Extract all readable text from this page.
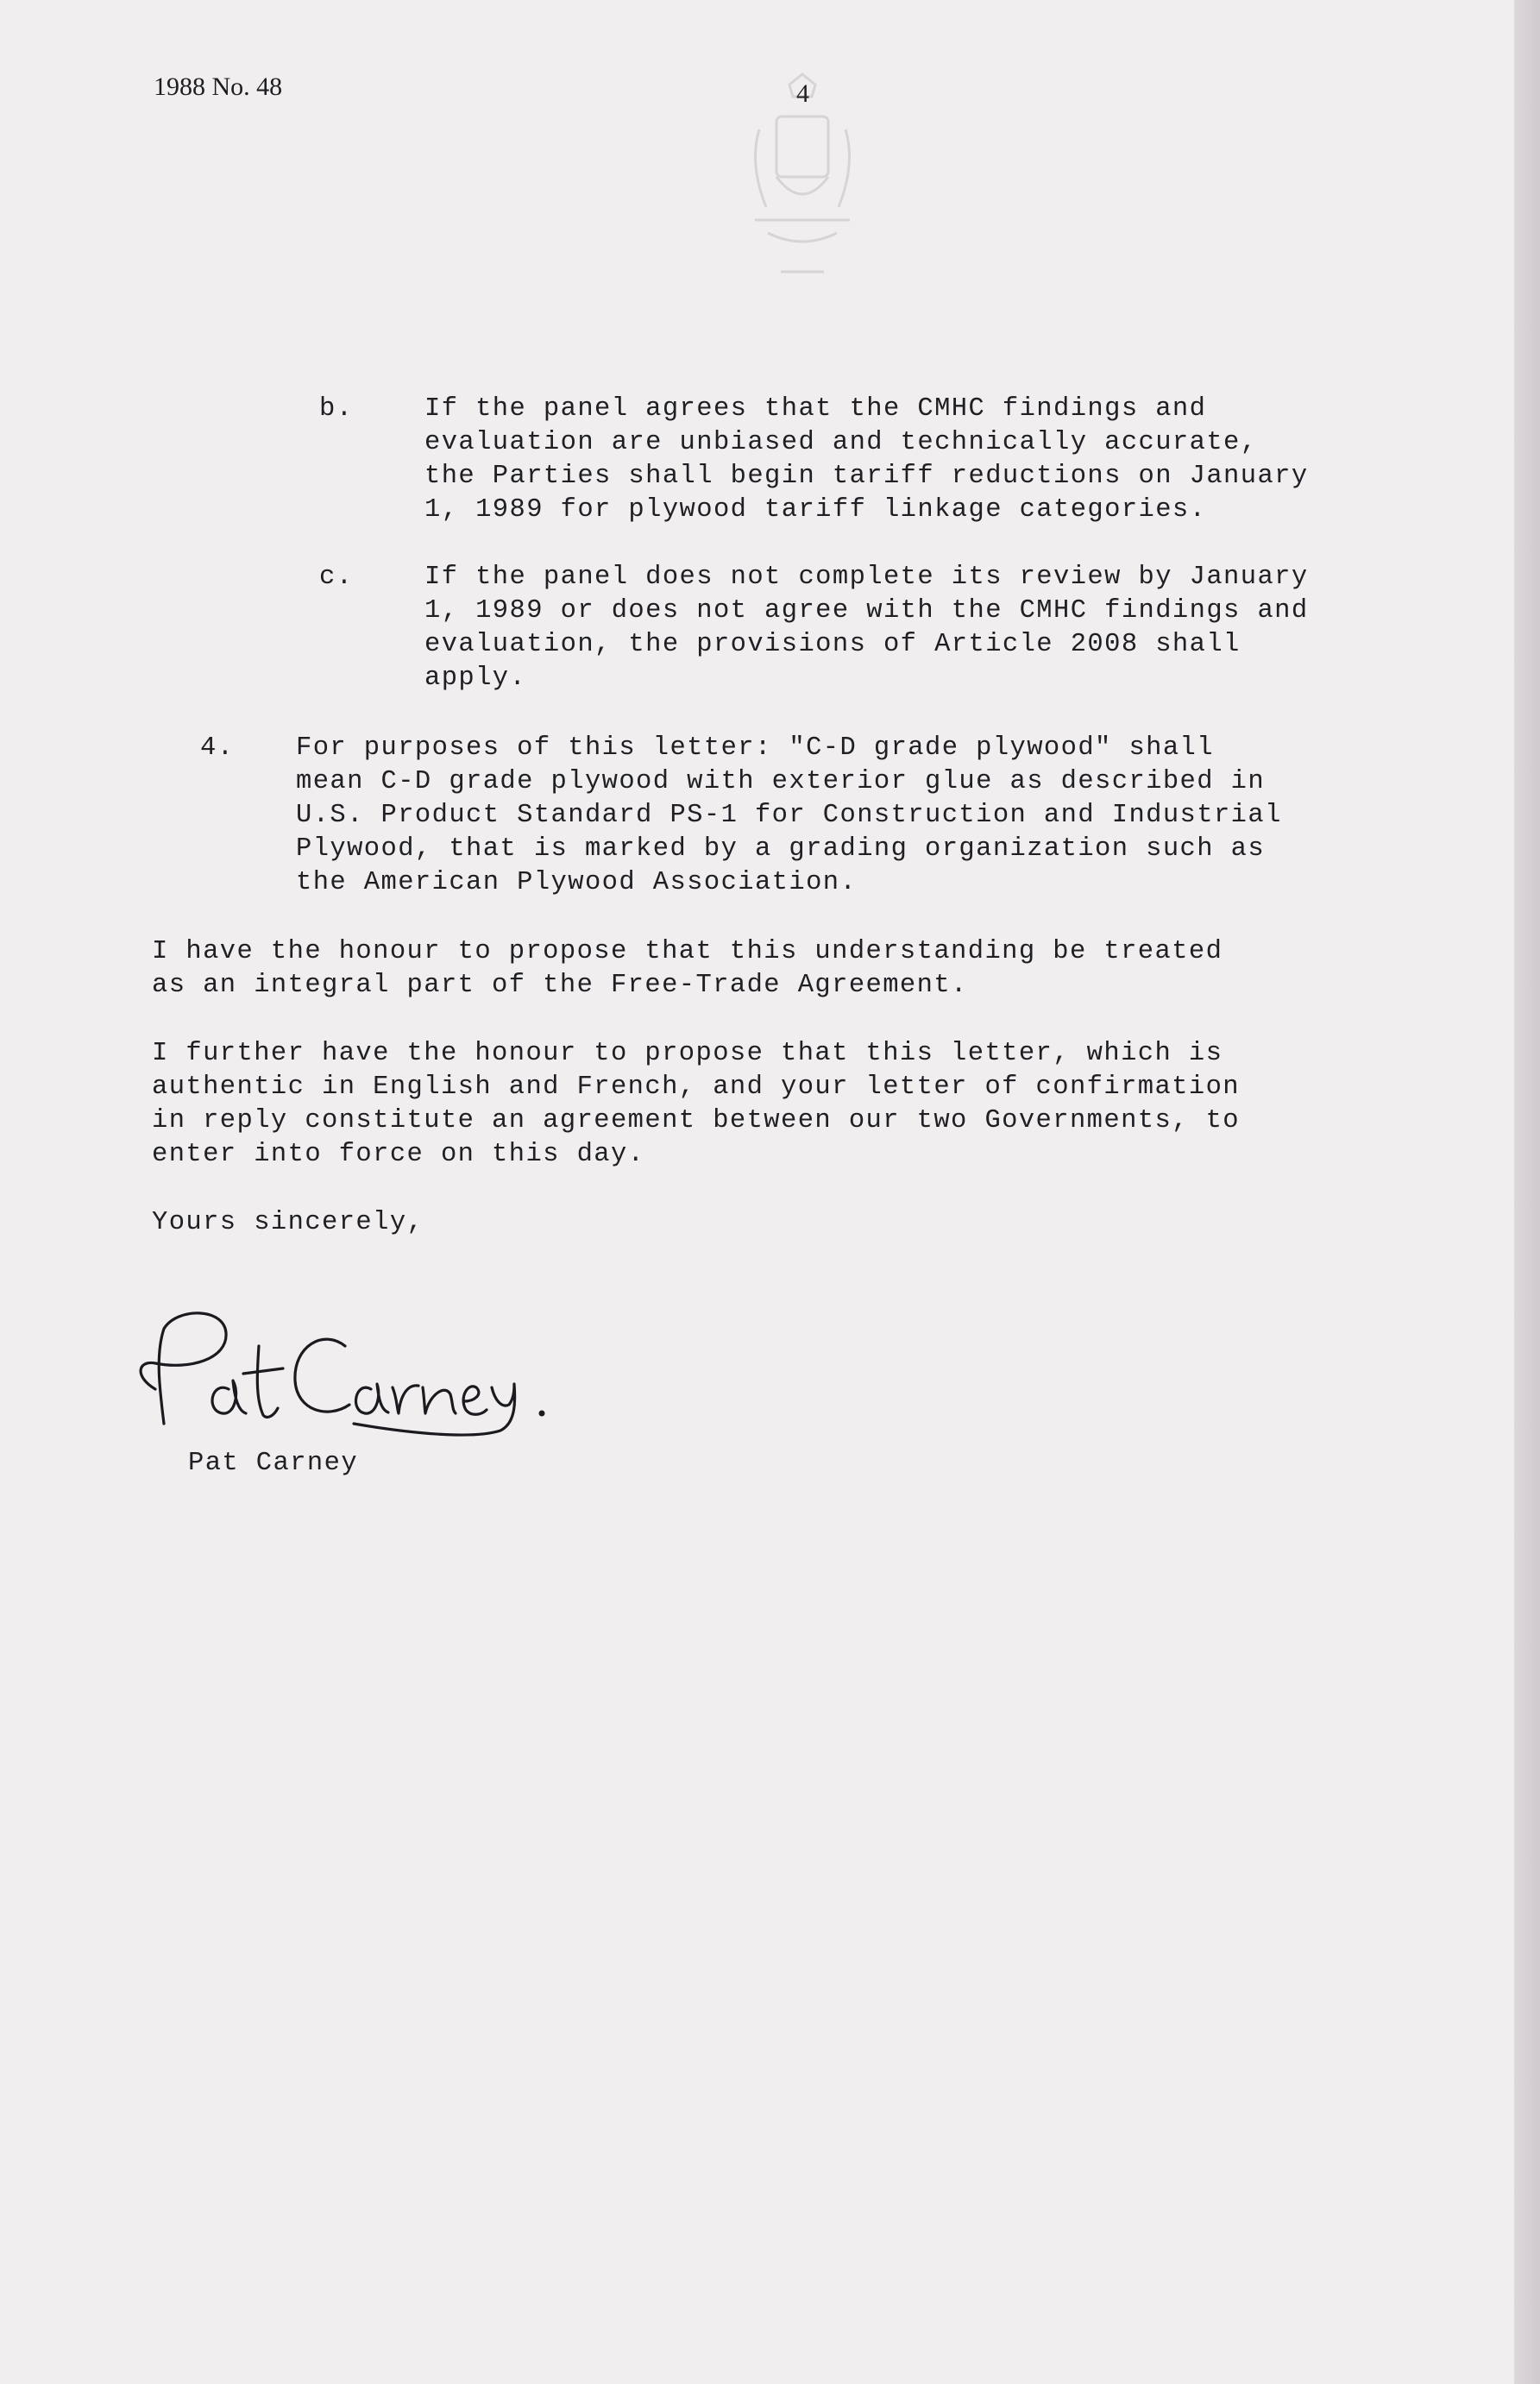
1988 No. 48	4
b.	If the panel agrees that the CMHC findings and
evaluation are unbiased and technically accurate,
the Parties shall begin tariff reductions on January
1, 1989 for plywood tariff linkage categories.
c.	If the panel does not complete its review by January
1, 1989 or does not agree with the CMHC findings and
evaluation, the provisions of Article 2008 shall
apply.
4. For purposes of this letter: "C-D grade plywood" shall
mean C-D grade plywood with exterior glue as described in
U.S. Product Standard PS-1 for Construction and Industrial
Plywood, that is marked by a grading organization such as
the American Plywood Association.
I have the honour to propose that this understanding be treated
as an integral part of the Free-Trade Agreement.
I further have the honour to propose that this letter, which is
authentic in English and French, and your letter of confirmation
in reply constitute an agreement between our two Governments, to
enter into force on this day.
Yours sincerely,
Pat Carney
